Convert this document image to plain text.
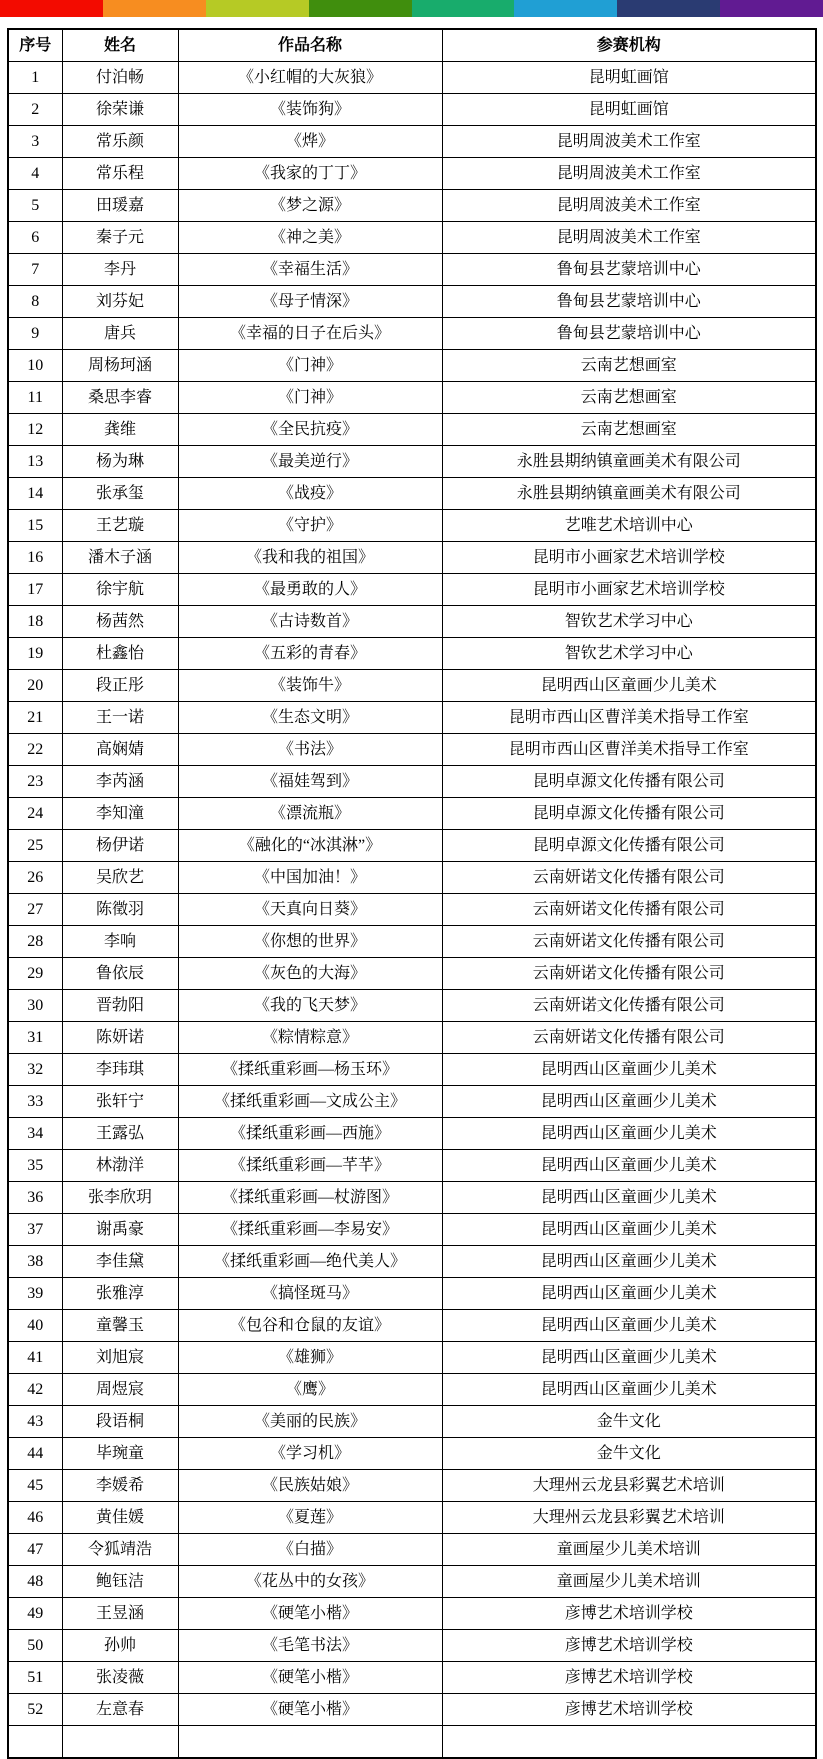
序号	姓名	作品名称	参赛机构
1	付泊畅	《小红帽的大灰狼》	昆明虹画馆
2	徐荣谦	《装饰狗》	昆明虹画馆
3	常乐颜	《烨》	昆明周波美术工作室
4	常乐程	《我家的丁丁》	昆明周波美术工作室
5	田瑗嘉	《梦之源》	昆明周波美术工作室
6	秦子元	《神之美》	昆明周波美术工作室
7	李丹	《幸福生活》	鲁甸县艺蒙培训中心
8	刘芬妃	《母子情深》	鲁甸县艺蒙培训中心
9	唐兵	《幸福的日子在后头》	鲁甸县艺蒙培训中心
10	周杨珂涵	《门神》	云南艺想画室
11	桑思李睿	《门神》	云南艺想画室
12	龚维	《全民抗疫》	云南艺想画室
13	杨为琳	《最美逆行》	永胜县期纳镇童画美术有限公司
14	张承玺	《战疫》	永胜县期纳镇童画美术有限公司
15	王艺璇	《守护》	艺唯艺术培训中心
16	潘木子涵	《我和我的祖国》	昆明市小画家艺术培训学校
17	徐宇航	《最勇敢的人》	昆明市小画家艺术培训学校
18	杨茜然	《古诗数首》	智钦艺术学习中心
19	杜鑫怡	《五彩的青春》	智钦艺术学习中心
20	段正彤	《装饰牛》	昆明西山区童画少儿美术
21	王一诺	《生态文明》	昆明市西山区曹洋美术指导工作室
22	高娴婧	《书法》	昆明市西山区曹洋美术指导工作室
23	李芮涵	《福娃驾到》	昆明卓源文化传播有限公司
24	李知潼	《漂流瓶》	昆明卓源文化传播有限公司
25	杨伊诺	《融化的“冰淇淋”》	昆明卓源文化传播有限公司
26	吴欣艺	《中国加油！》	云南妍诺文化传播有限公司
27	陈徵羽	《天真向日葵》	云南妍诺文化传播有限公司
28	李响	《你想的世界》	云南妍诺文化传播有限公司
29	鲁依辰	《灰色的大海》	云南妍诺文化传播有限公司
30	晋勃阳	《我的飞天梦》	云南妍诺文化传播有限公司
31	陈妍诺	《粽情粽意》	云南妍诺文化传播有限公司
32	李玮琪	《揉纸重彩画—杨玉环》	昆明西山区童画少儿美术
33	张轩宁	《揉纸重彩画—文成公主》	昆明西山区童画少儿美术
34	王露弘	《揉纸重彩画—西施》	昆明西山区童画少儿美术
35	林渤洋	《揉纸重彩画—芊芊》	昆明西山区童画少儿美术
36	张李欣玥	《揉纸重彩画—杖游图》	昆明西山区童画少儿美术
37	谢禹豪	《揉纸重彩画—李易安》	昆明西山区童画少儿美术
38	李佳黛	《揉纸重彩画—绝代美人》	昆明西山区童画少儿美术
39	张雅淳	《搞怪斑马》	昆明西山区童画少儿美术
40	童馨玉	《包谷和仓鼠的友谊》	昆明西山区童画少儿美术
41	刘旭宸	《雄狮》	昆明西山区童画少儿美术
42	周煜宸	《鹰》	昆明西山区童画少儿美术
43	段语桐	《美丽的民族》	金牛文化
44	毕琬童	《学习机》	金牛文化
45	李媛希	《民族姑娘》	大理州云龙县彩翼艺术培训
46	黄佳媛	《夏莲》	大理州云龙县彩翼艺术培训
47	令狐靖浩	《白描》	童画屋少儿美术培训
48	鲍钰洁	《花丛中的女孩》	童画屋少儿美术培训
49	王昱涵	《硬笔小楷》	彦博艺术培训学校
50	孙帅	《毛笔书法》	彦博艺术培训学校
51	张凌薇	《硬笔小楷》	彦博艺术培训学校
52	左意春	《硬笔小楷》	彦博艺术培训学校
